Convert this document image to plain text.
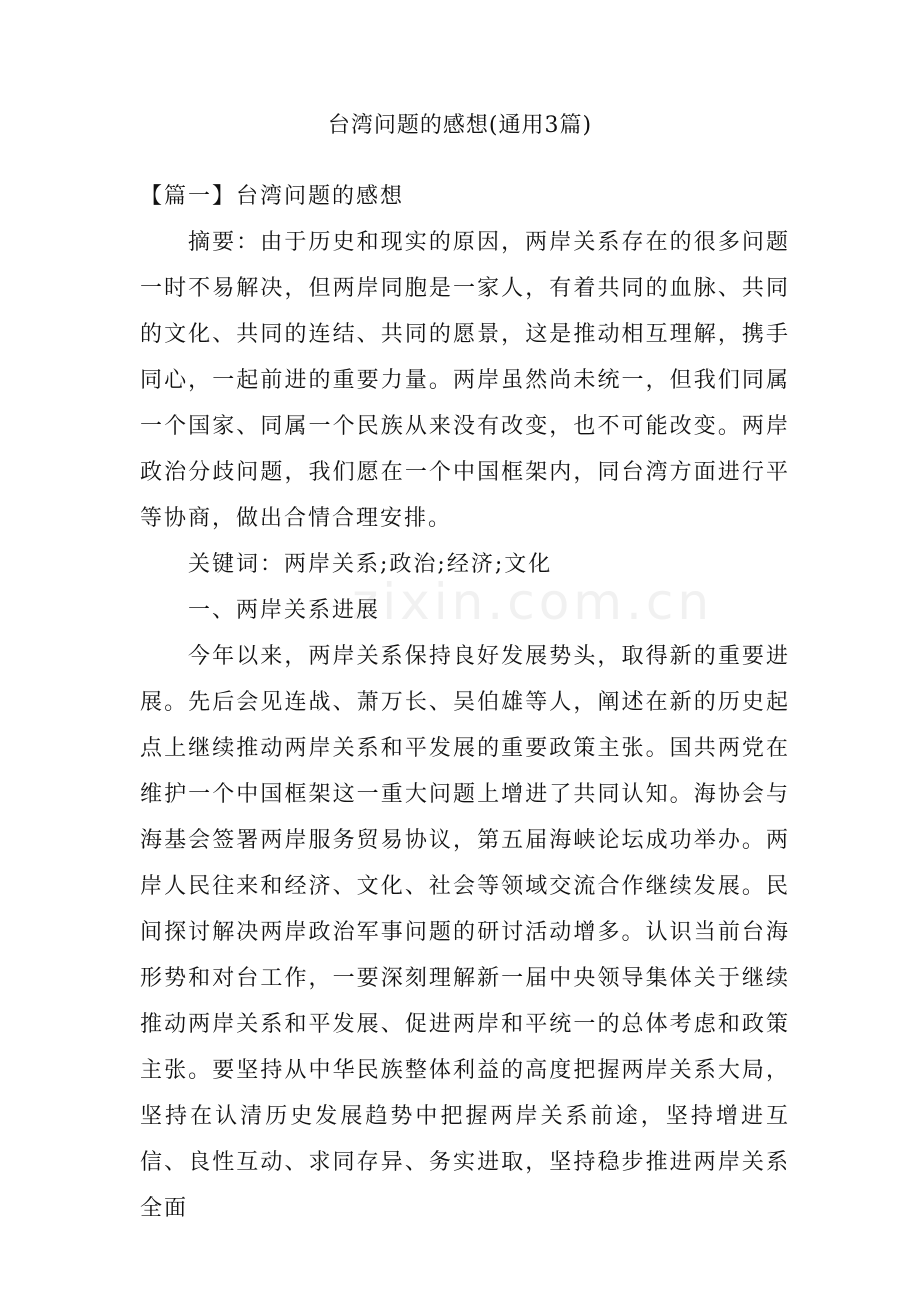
zixin.com.cn
台湾问题的感想(通用3篇)

【篇一】台湾问题的感想

摘要：由于历史和现实的原因，两岸关系存在的很多问题一时不易解决，但两岸同胞是一家人，有着共同的血脉、共同的文化、共同的连结、共同的愿景，这是推动相互理解，携手同心，一起前进的重要力量。两岸虽然尚未统一，但我们同属一个国家、同属一个民族从来没有改变，也不可能改变。两岸政治分歧问题，我们愿在一个中国框架内，同台湾方面进行平等协商，做出合情合理安排。

关键词：两岸关系;政治;经济;文化

一、两岸关系进展

今年以来，两岸关系保持良好发展势头，取得新的重要进展。先后会见连战、萧万长、吴伯雄等人，阐述在新的历史起点上继续推动两岸关系和平发展的重要政策主张。国共两党在维护一个中国框架这一重大问题上增进了共同认知。海协会与海基会签署两岸服务贸易协议，第五届海峡论坛成功举办。两岸人民往来和经济、文化、社会等领域交流合作继续发展。民间探讨解决两岸政治军事问题的研讨活动增多。认识当前台海形势和对台工作，一要深刻理解新一届中央领导集体关于继续推动两岸关系和平发展、促进两岸和平统一的总体考虑和政策主张。要坚持从中华民族整体利益的高度把握两岸关系大局，坚持在认清历史发展趋势中把握两岸关系前途，坚持增进互信、良性互动、求同存异、务实进取，坚持稳步推进两岸关系全面
